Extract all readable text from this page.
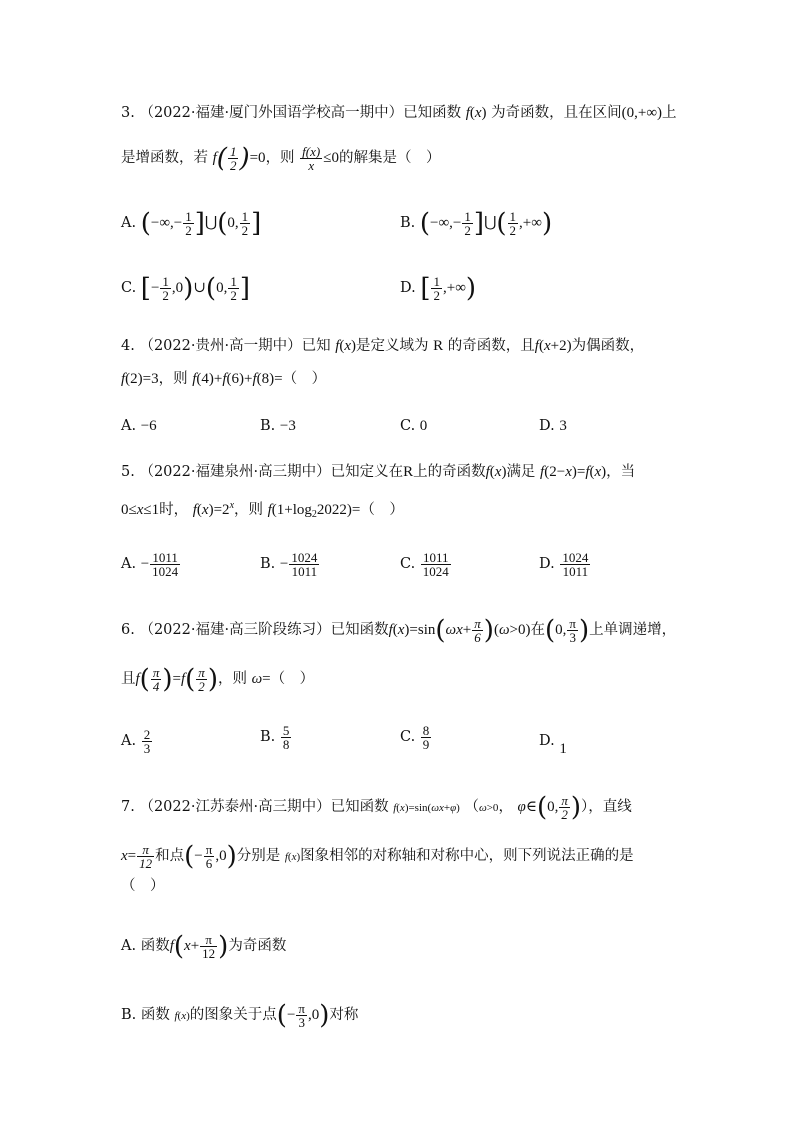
3. （2022·福建·厦门外国语学校高一期中）已知函数 f(x) 为奇函数，且在区间(0,+∞)上
是增函数，若 $f( \frac{1}{2} )=0$，则 $\frac{f(x)}{x} \le 0$的解集是（　）
A. (−∞,− $\frac{1}{2}$ ]⋃(0, $\frac{1}{2}$ ]	B. (−∞,− $\frac{1}{2}$ ]⋃( $\frac{1}{2}$ ,+∞)
C. [− $\frac{1}{2}$ ,0)∪(0, $\frac{1}{2}$ ]	D. [ $\frac{1}{2}$ ,+∞)
4. （2022·贵州·高一期中）已知 f(x)是定义域为 R 的奇函数，且f(x+2)为偶函数，
f(2)=3，则 f(4)+f(6)+f(8)=（　）
A. −6	B. −3	C. 0	D. 3
5. （2022·福建泉州·高三期中）已知定义在R上的奇函数f(x)满足 f(2−x)=f(x)，当
0≤x≤1时， $f(x)=2^x$，则 $f(1+\log_22022)=$（　）
A. − $\frac{1011}{1024}$	B. − $\frac{1024}{1011}$	C. $\frac{1011}{1024}$	D. $\frac{1024}{1011}$
6. （2022·福建·高三阶段练习）已知函数$f(x)=\sin(\omega x+ \frac{\pi}{6} )(\omega>0)$在(0, $\frac{\pi}{3}$ )上单调递增，
且$f( \frac{\pi}{4} )=f( \frac{\pi}{2}$ )，则 ω=（　）
A. $\frac{2}{3}$	B. $\frac{5}{8}$	C. $\frac{8}{9}$	D. 1
7. （2022·江苏泰州·高三期中）已知函数 f(x)=sin(ωx+φ) （ω>0， φ∈(0, $\frac{\pi}{2}$ )），直线
$x= \frac{\pi}{12}$ 和点(− $\frac{\pi}{6} ,0$)分别是 f(x)图象相邻的对称轴和对称中心，则下列说法正确的是
（　）
A. 函数$f(x+ \frac{\pi}{12}$ )为奇函数
B. 函数 f(x)的图象关于点(− $\frac{\pi}{3} ,0$)对称
